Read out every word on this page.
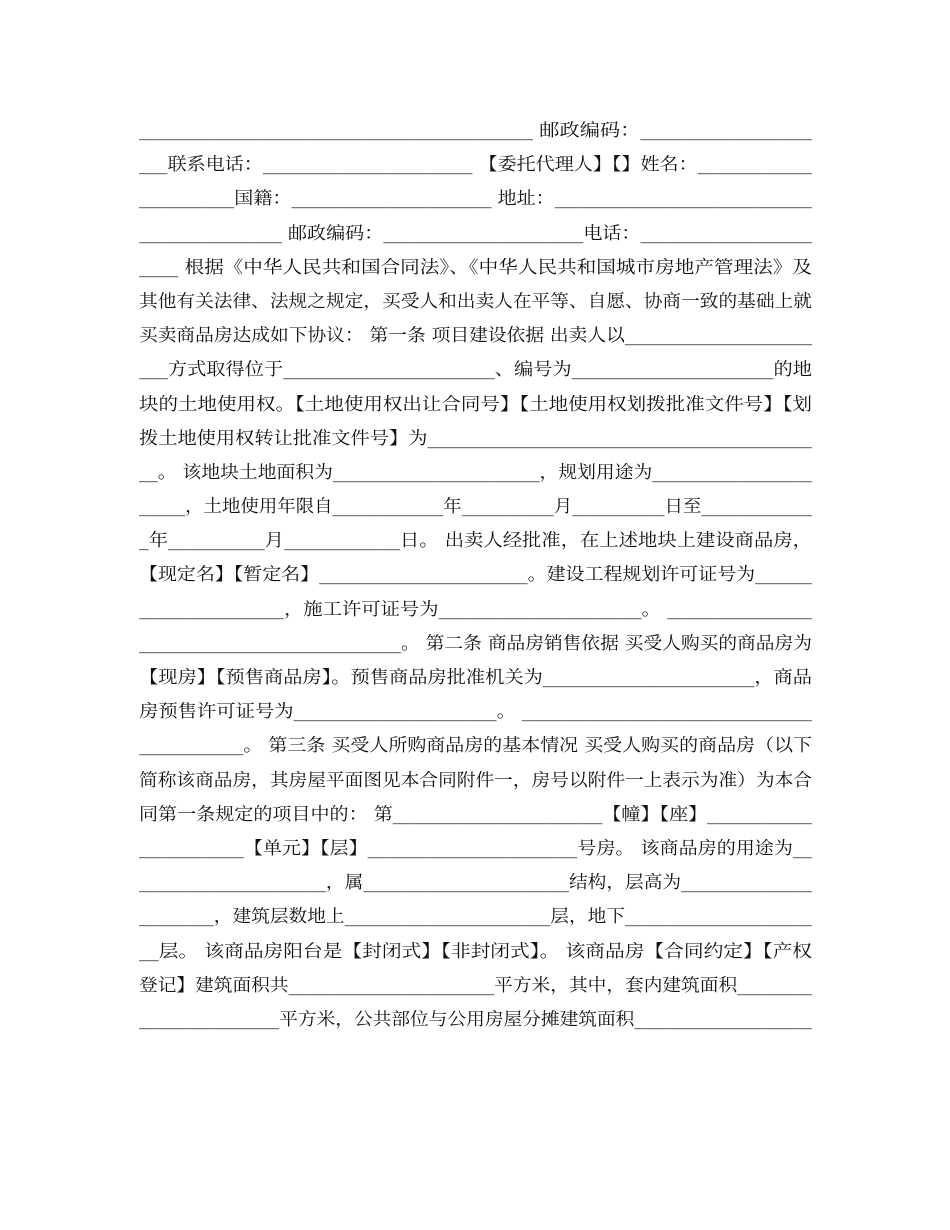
_______________________________________ 邮政编码：_________________
___联系电话：______________________ 【委托代理人】【】姓名：____________
__________国籍：_____________________ 地址：___________________________
_______________ 邮政编码：_____________________电话：__________________
____ 根据《中华人民共和国合同法》、《中华人民共和国城市房地产管理法》及
其他有关法律、法规之规定，买受人和出卖人在平等、自愿、协商一致的基础上就
买卖商品房达成如下协议： 第一条 项目建设依据 出卖人以____________________
___方式取得位于______________________、编号为_____________________的地
块的土地使用权。【土地使用权出让合同号】【土地使用权划拨批准文件号】【划
拨土地使用权转让批准文件号】为________________________________________
__。 该地块土地面积为______________________，规划用途为_________________
_____，土地使用年限自____________年__________月__________日至____________
_年__________月____________日。 出卖人经批准，在上述地块上建设商品房，
【现定名】【暂定名】______________________。建设工程规划许可证号为______
_______________，施工许可证号为_____________________。 _______________
____________________________。 第二条 商品房销售依据 买受人购买的商品房为
【现房】【预售商品房】。预售商品房批准机关为______________________，商品
房预售许可证号为_____________________。 ______________________________
___________。 第三条 买受人所购商品房的基本情况 买受人购买的商品房（以下
简称该商品房，其房屋平面图见本合同附件一，房号以附件一上表示为准）为本合
同第一条规定的项目中的： 第______________________【幢】【座】___________
___________【单元】【层】______________________号房。 该商品房的用途为__
____________________，属______________________结构，层高为______________
________，建筑层数地上______________________层，地下____________________
__层。 该商品房阳台是【封闭式】【非封闭式】。 该商品房【合同约定】【产权
登记】建筑面积共______________________平方米，其中，套内建筑面积________
_______________平方米，公共部位与公用房屋分摊建筑面积___________________
